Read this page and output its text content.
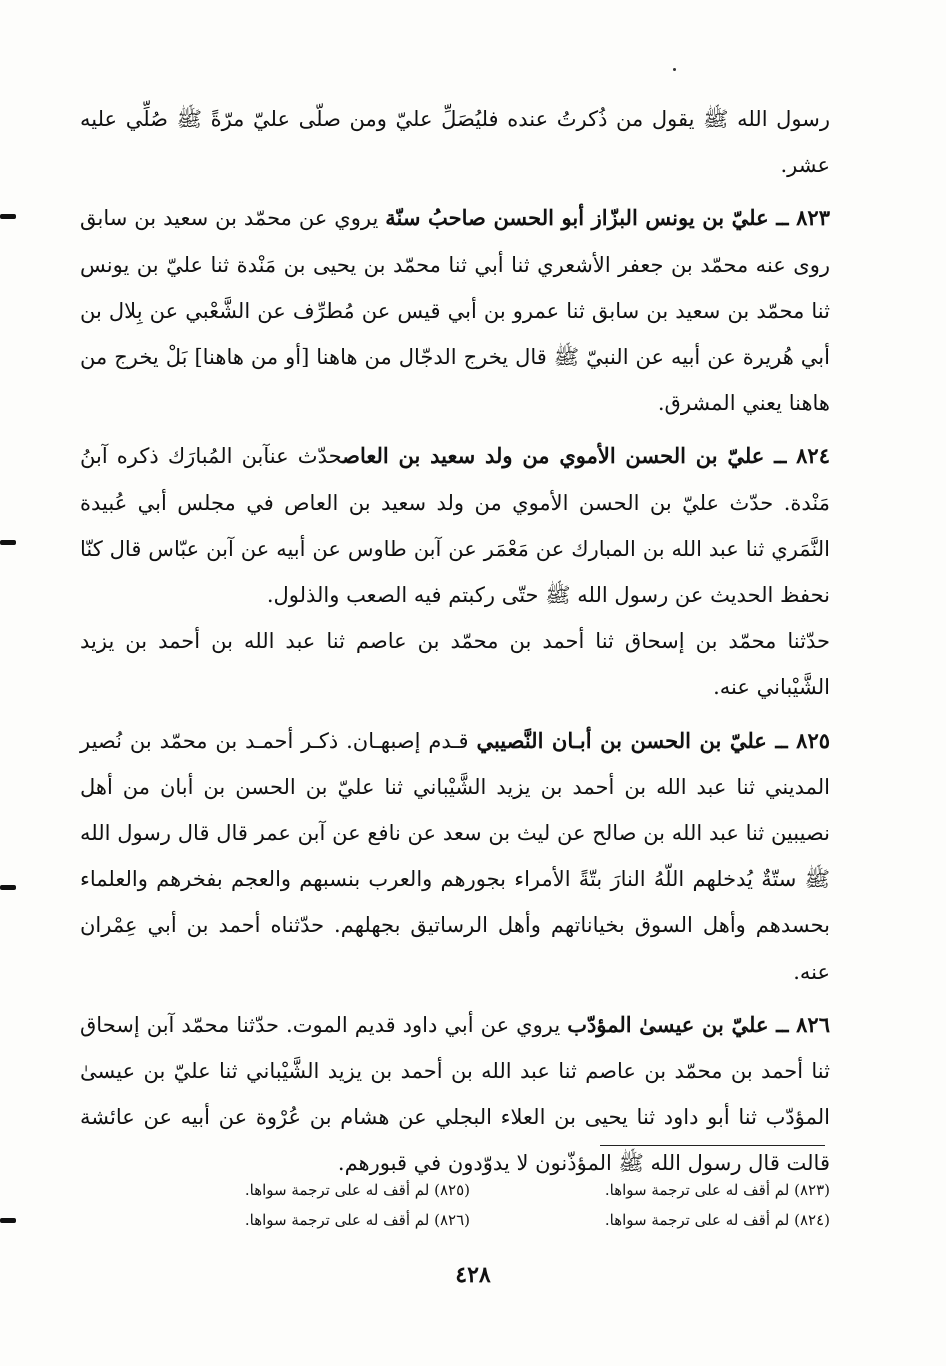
رسول الله ﷺ يقول من ذُكرتُ عنده فليُصَلِّ عليّ ومن صلّى عليّ مرّةً ﷺ صُلِّي عليه عشر.

٨٢٣ ــ عليّ بن يونس البزّاز أبو الحسن صاحبُ سنّة يروي عن محمّد بن سعيد بن سابق روى عنه محمّد بن جعفر الأشعري ثنا أبي ثنا محمّد بن يحيى بن مَنْدة ثنا عليّ بن يونس ثنا محمّد بن سعيد بن سابق ثنا عمرو بن أبي قيس عن مُطرِّف عن الشَّعْبي عن بِلال بن أبي هُريرة عن أبيه عن النبيّ ﷺ قال يخرج الدجّال من هاهنا [أو من هاهنا] بَلْ يخرج من هاهنا يعني المشرق.

٨٢٤ ــ عليّ بن الحسن الأموي من ولد سعيد بن العاصحدّث عنآبن المُبارَك ذكره آبنُ مَنْدة. حدّث عليّ بن الحسن الأموي من ولد سعيد بن العاص في مجلس أبي عُبيدة النَّمَري ثنا عبد الله بن المبارك عن مَعْمَر عن آبن طاوس عن أبيه عن آبن عبّاس قال كنّا نحفظ الحديث عن رسول الله ﷺ حتّى ركبتم فيه الصعب والذلول.
حدّثنا محمّد بن إسحاق ثنا أحمد بن محمّد بن عاصم ثنا عبد الله بن أحمد بن يزيد الشَّيْباني عنه.

٨٢٥ ــ عليّ بن الحسن بن أبـان النَّصيبي قـدم إصبهـان. ذكـر أحمـد بن محمّد بن نُصير المديني ثنا عبد الله بن أحمد بن يزيد الشَّيْباني ثنا عليّ بن الحسن بن أبان من أهل نصيبين ثنا عبد الله بن صالح عن ليث بن سعد عن نافع عن آبن عمر قال قال رسول الله ﷺ ستّةٌ يُدخلهم اللّهُ النارَ بتّةً الأمراء بجورهم والعرب بنسبهم والعجم بفخرهم والعلماء بحسدهم وأهل السوق بخياناتهم وأهل الرساتيق بجهلهم. حدّثناه أحمد بن أبي عِمْران عنه.

٨٢٦ ــ عليّ بن عيسىٰ المؤدّب يروي عن أبي داود قديم الموت. حدّثنا محمّد آبن إسحاق ثنا أحمد بن محمّد بن عاصم ثنا عبد الله بن أحمد بن يزيد الشَّيْباني ثنا عليّ بن عيسىٰ المؤدّب ثنا أبو داود ثنا يحيى بن العلاء البجلي عن هشام بن عُرْوة عن أبيه عن عائشة قالت قال رسول الله ﷺ المؤذّنون لا يدوّدون في قبورهم.

(٨٢٣) لم أقف له على ترجمة سواها.
(٨٢٥) لم أقف له على ترجمة سواها.
(٨٢٤) لم أقف له على ترجمة سواها.
(٨٢٦) لم أقف له على ترجمة سواها.
٤٢٨
